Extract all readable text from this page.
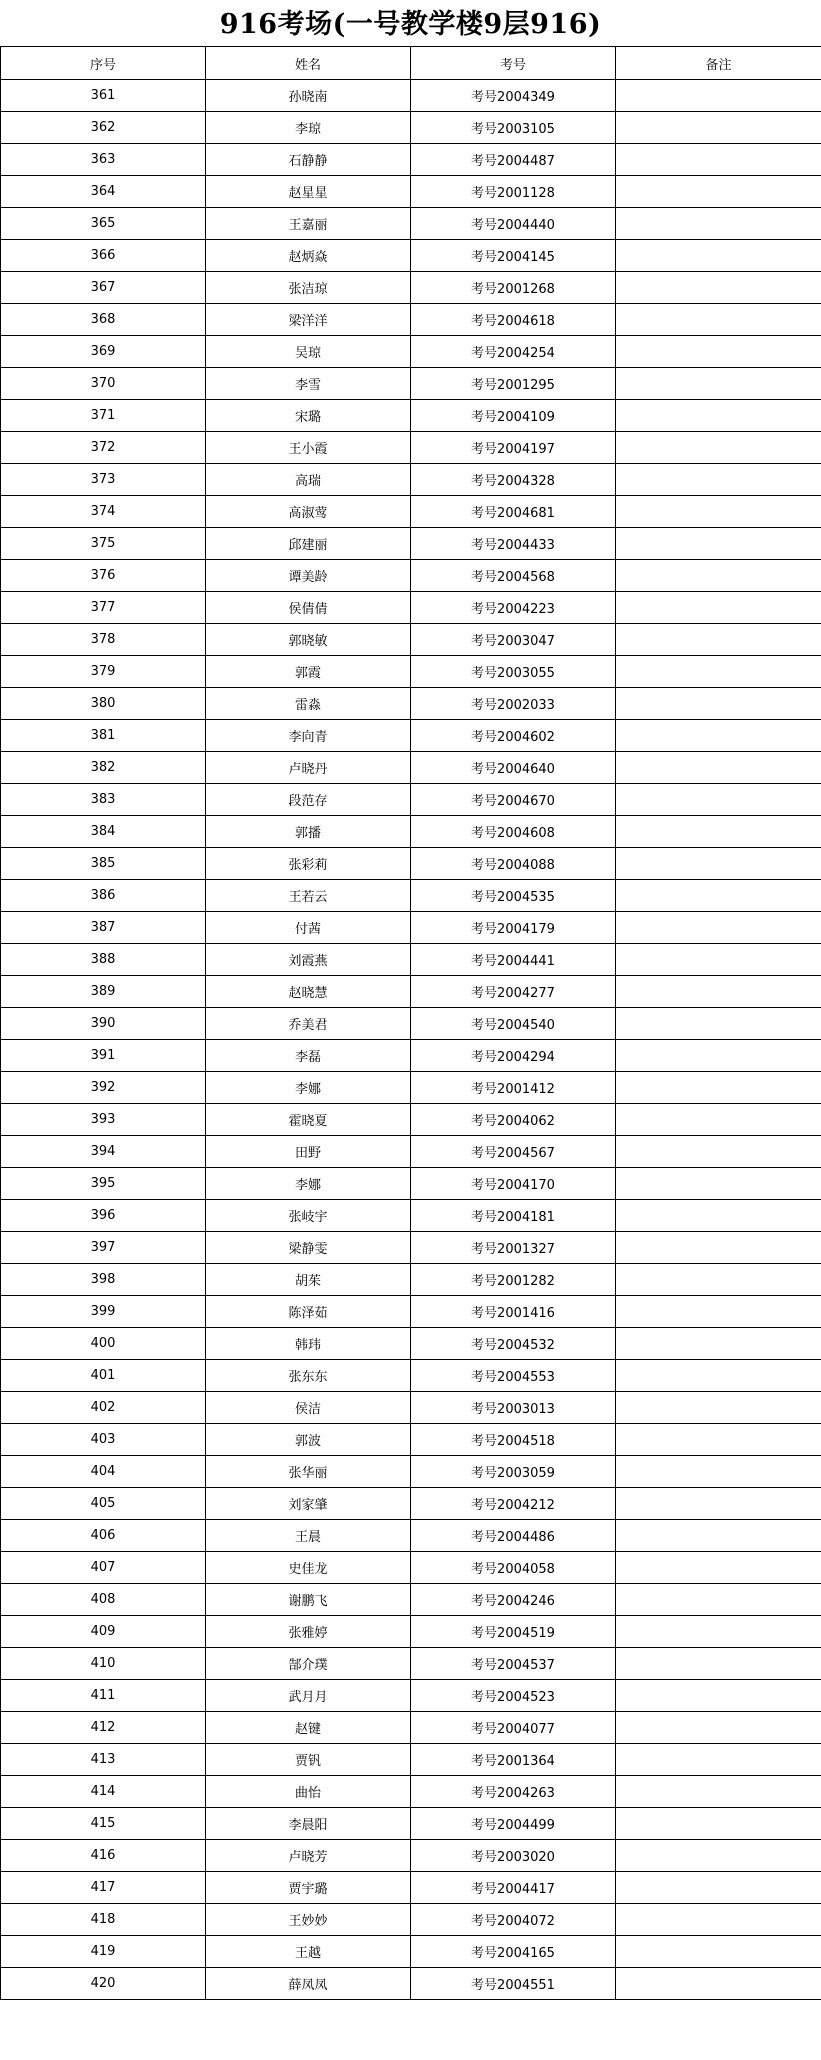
916考场(一号教学楼9层916)
序号	姓名	考号	备注
361	孙晓南	考号2004349	
362	李琼	考号2003105	
363	石静静	考号2004487	
364	赵星星	考号2001128	
365	王嘉丽	考号2004440	
366	赵炳焱	考号2004145	
367	张洁琼	考号2001268	
368	梁洋洋	考号2004618	
369	吴琼	考号2004254	
370	李雪	考号2001295	
371	宋璐	考号2004109	
372	王小霞	考号2004197	
373	高瑞	考号2004328	
374	高淑莺	考号2004681	
375	邱建丽	考号2004433	
376	谭美龄	考号2004568	
377	侯倩倩	考号2004223	
378	郭晓敏	考号2003047	
379	郭霞	考号2003055	
380	雷淼	考号2002033	
381	李向青	考号2004602	
382	卢晓丹	考号2004640	
383	段范存	考号2004670	
384	郭播	考号2004608	
385	张彩莉	考号2004088	
386	王若云	考号2004535	
387	付茜	考号2004179	
388	刘霞燕	考号2004441	
389	赵晓慧	考号2004277	
390	乔美君	考号2004540	
391	李磊	考号2004294	
392	李娜	考号2001412	
393	霍晓夏	考号2004062	
394	田野	考号2004567	
395	李娜	考号2004170	
396	张岐宇	考号2004181	
397	梁静雯	考号2001327	
398	胡茱	考号2001282	
399	陈泽茹	考号2001416	
400	韩玮	考号2004532	
401	张东东	考号2004553	
402	侯洁	考号2003013	
403	郭波	考号2004518	
404	张华丽	考号2003059	
405	刘家肇	考号2004212	
406	王晨	考号2004486	
407	史佳龙	考号2004058	
408	谢鹏飞	考号2004246	
409	张雅婷	考号2004519	
410	郜介璞	考号2004537	
411	武月月	考号2004523	
412	赵键	考号2004077	
413	贾钒	考号2001364	
414	曲怡	考号2004263	
415	李晨阳	考号2004499	
416	卢晓芳	考号2003020	
417	贾宇璐	考号2004417	
418	王妙妙	考号2004072	
419	王越	考号2004165	
420	薛凤凤	考号2004551	
